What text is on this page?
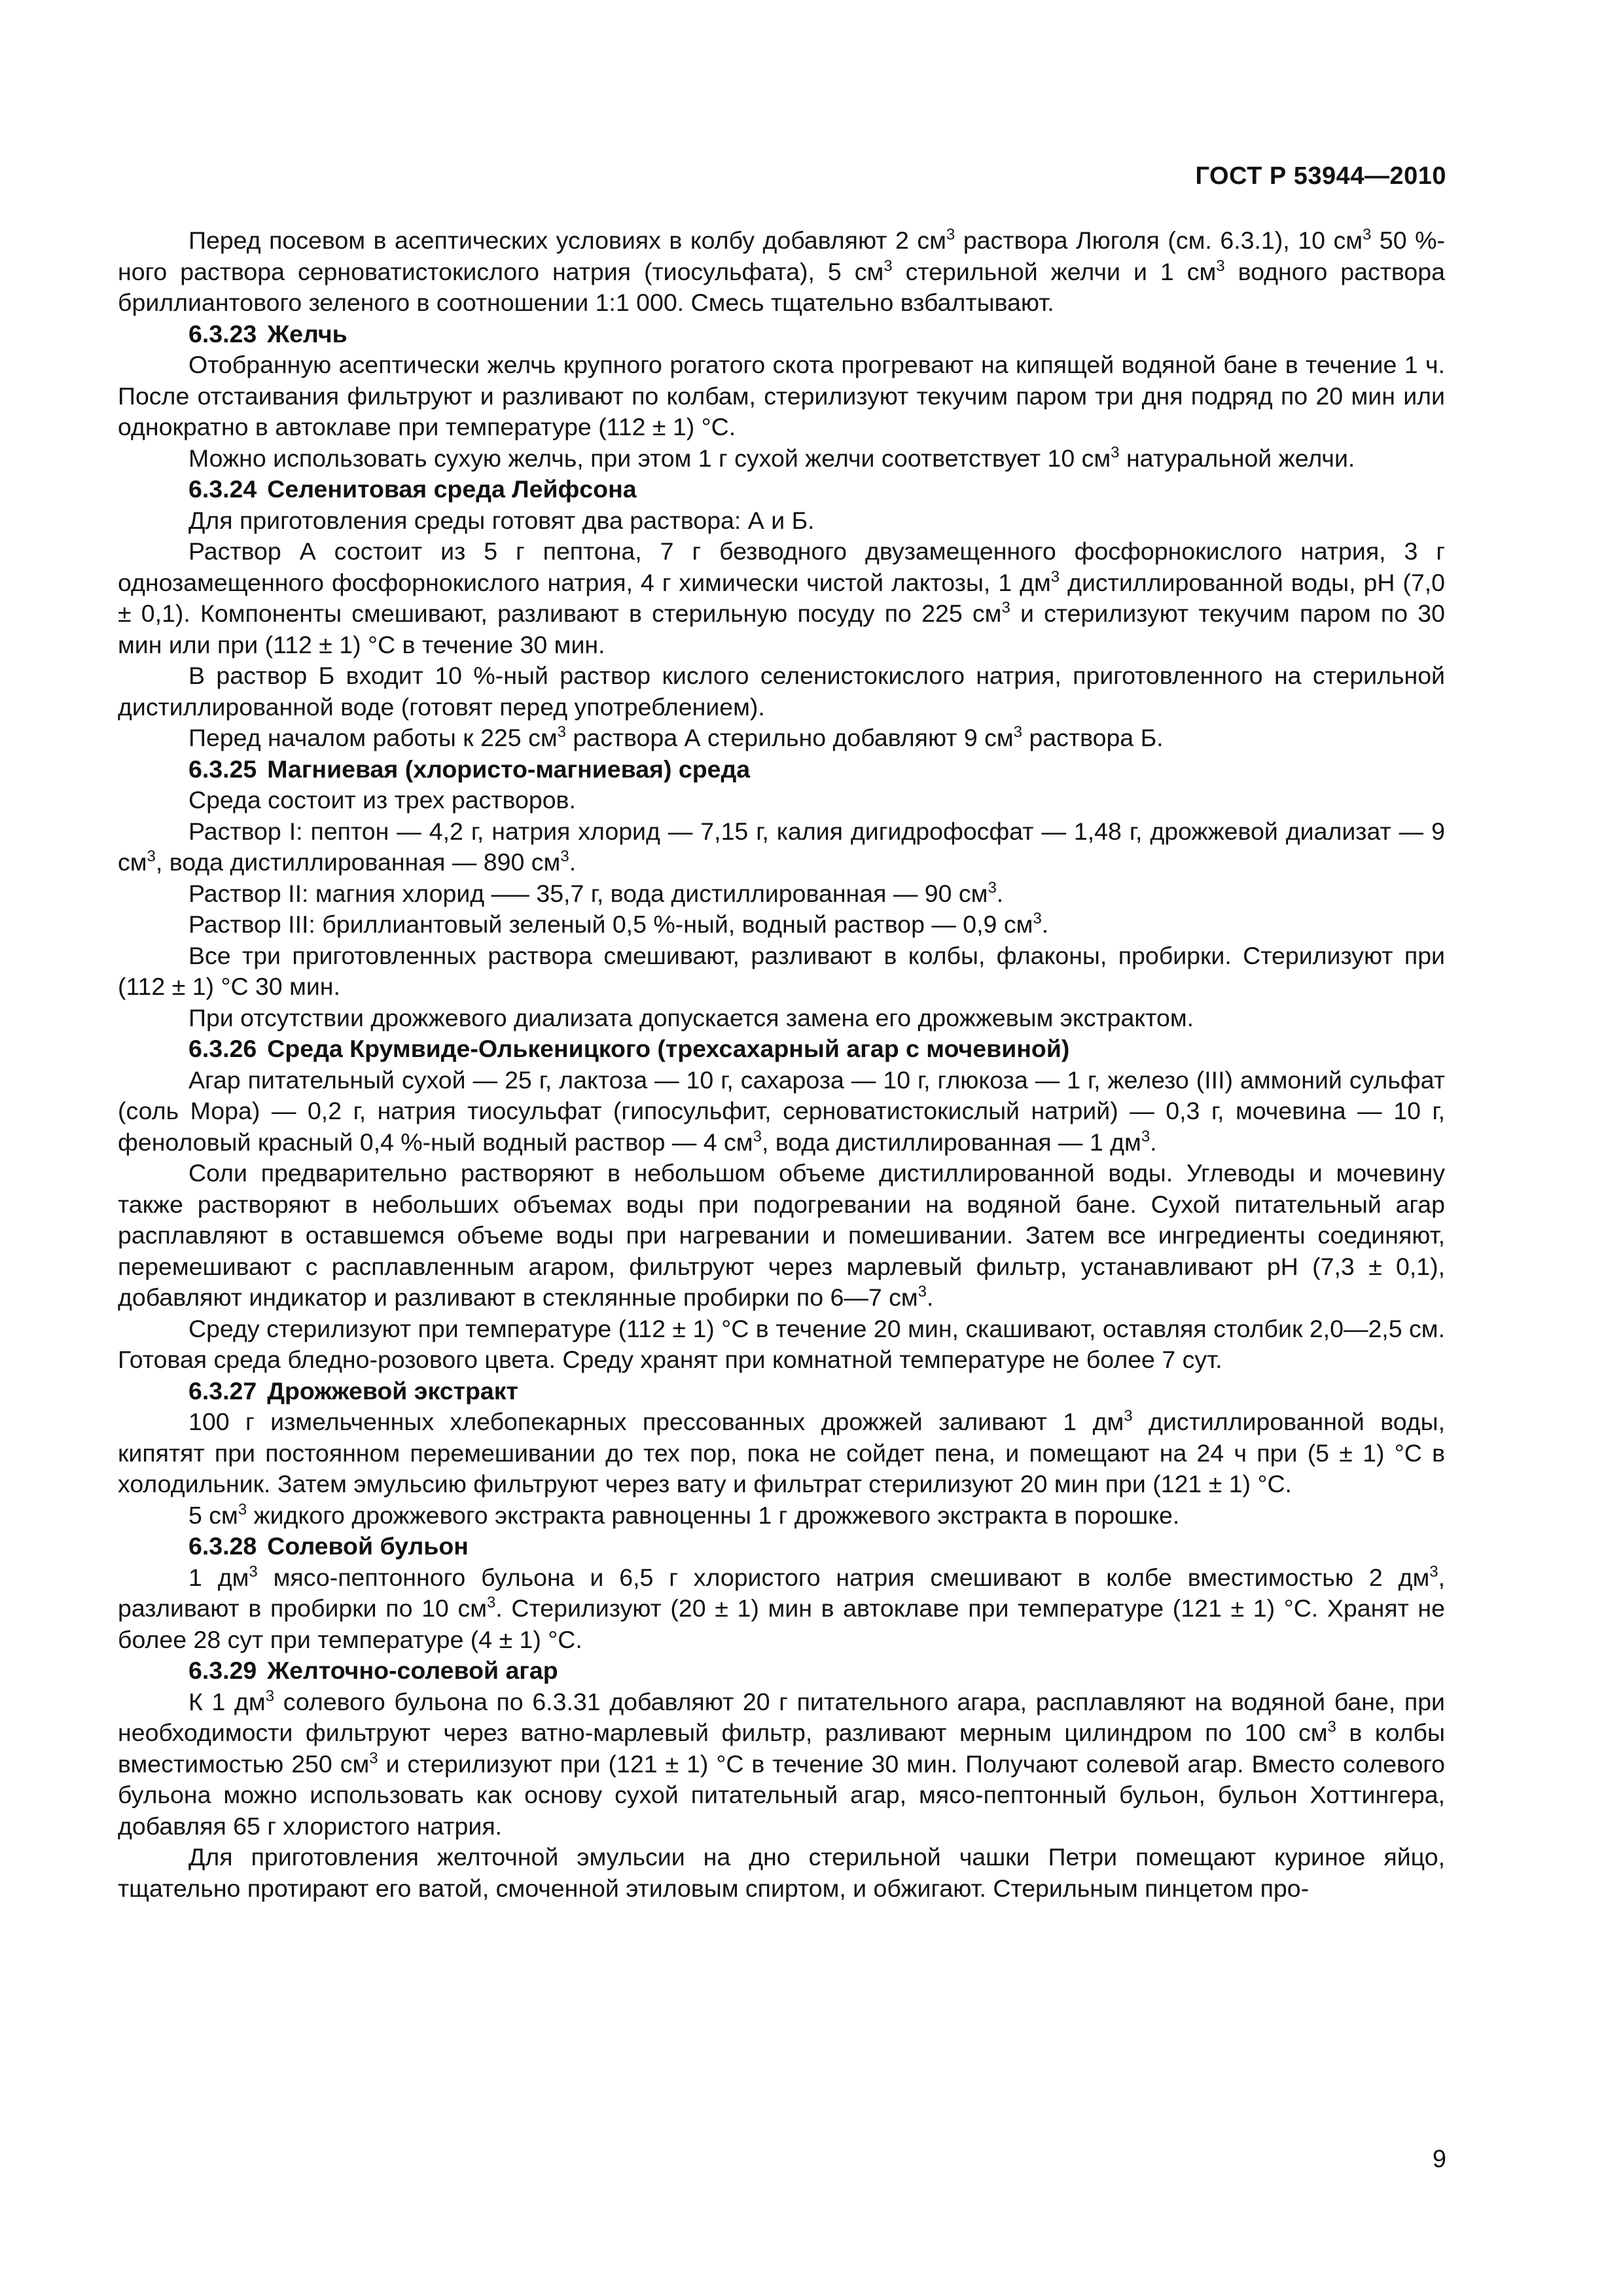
ГОСТ Р 53944—2010

Перед посевом в асептических условиях в колбу добавляют 2 $см^3$ раствора Люголя (см. 6.3.1), 10 $см^3$ 50 %-ного раствора серноватистокислого натрия (тиосульфата), 5 $см^3$ стерильной желчи и 1 $см^3$ водного раствора бриллиантового зеленого в соотношении 1:1 000. Смесь тщательно взбалтывают.

6.3.23 Желчь

Отобранную асептически желчь крупного рогатого скота прогревают на кипящей водяной бане в течение 1 ч. После отстаивания фильтруют и разливают по колбам, стерилизуют текучим паром три дня подряд по 20 мин или однократно в автоклаве при температуре (112 ± 1) °С.

Можно использовать сухую желчь, при этом 1 г сухой желчи соответствует 10 $см^3$ натуральной желчи.

6.3.24 Селенитовая среда Лейфсона

Для приготовления среды готовят два раствора: А и Б.

Раствор А состоит из 5 г пептона, 7 г безводного двузамещенного фосфорнокислого натрия, 3 г однозамещенного фосфорнокислого натрия, 4 г химически чистой лактозы, 1 $дм^3$ дистиллированной воды, pH (7,0 ± 0,1). Компоненты смешивают, разливают в стерильную посуду по 225 $см^3$ и стерилизуют текучим паром по 30 мин или при (112 ± 1) °С в течение 30 мин.

В раствор Б входит 10 %-ный раствор кислого селенистокислого натрия, приготовленного на стерильной дистиллированной воде (готовят перед употреблением).

Перед началом работы к 225 $см^3$ раствора А стерильно добавляют 9 $см^3$ раствора Б.

6.3.25 Магниевая (хлористо-магниевая) среда

Среда состоит из трех растворов.

Раствор I: пептон — 4,2 г, натрия хлорид — 7,15 г, калия дигидрофосфат — 1,48 г, дрожжевой диализат — 9 $см^3$, вода дистиллированная — 890 $см^3$.

Раствор II: магния хлорид —– 35,7 г, вода дистиллированная — 90 $см^3$.

Раствор III: бриллиантовый зеленый 0,5 %-ный, водный раствор — 0,9 $см^3$.

Все три приготовленных раствора смешивают, разливают в колбы, флаконы, пробирки. Стерилизуют при (112 ± 1) °С 30 мин.

При отсутствии дрожжевого диализата допускается замена его дрожжевым экстрактом.

6.3.26 Среда Крумвиде-Олькеницкого (трехсахарный агар с мочевиной)

Агар питательный сухой — 25 г, лактоза — 10 г, сахароза — 10 г, глюкоза — 1 г, железо (III) аммоний сульфат (соль Мора) — 0,2 г, натрия тиосульфат (гипосульфит, серноватистокислый натрий) — 0,3 г, мочевина — 10 г, феноловый красный 0,4 %-ный водный раствор — 4 $см^3$, вода дистиллированная — 1 $дм^3$.

Соли предварительно растворяют в небольшом объеме дистиллированной воды. Углеводы и мочевину также растворяют в небольших объемах воды при подогревании на водяной бане. Сухой питательный агар расплавляют в оставшемся объеме воды при нагревании и помешивании. Затем все ингредиенты соединяют, перемешивают с расплавленным агаром, фильтруют через марлевый фильтр, устанавливают pH (7,3 ± 0,1), добавляют индикатор и разливают в стеклянные пробирки по 6—7 $см^3$.

Среду стерилизуют при температуре (112 ± 1) °С в течение 20 мин, скашивают, оставляя столбик 2,0—2,5 см. Готовая среда бледно-розового цвета. Среду хранят при комнатной температуре не более 7 сут.

6.3.27 Дрожжевой экстракт

100 г измельченных хлебопекарных прессованных дрожжей заливают 1 $дм^3$ дистиллированной воды, кипятят при постоянном перемешивании до тех пор, пока не сойдет пена, и помещают на 24 ч при (5 ± 1) °С в холодильник. Затем эмульсию фильтруют через вату и фильтрат стерилизуют 20 мин при (121 ± 1) °С.

5 $см^3$ жидкого дрожжевого экстракта равноценны 1 г дрожжевого экстракта в порошке.

6.3.28 Солевой бульон

1 $дм^3$ мясо-пептонного бульона и 6,5 г хлористого натрия смешивают в колбе вместимостью 2 $дм^3$, разливают в пробирки по 10 $см^3$. Стерилизуют (20 ± 1) мин в автоклаве при температуре (121 ± 1) °С. Хранят не более 28 сут при температуре (4 ± 1) °С.

6.3.29 Желточно-солевой агар

К 1 $дм^3$ солевого бульона по 6.3.31 добавляют 20 г питательного агара, расплавляют на водяной бане, при необходимости фильтруют через ватно-марлевый фильтр, разливают мерным цилиндром по 100 $см^3$ в колбы вместимостью 250 $см^3$ и стерилизуют при (121 ± 1) °С в течение 30 мин. Получают солевой агар. Вместо солевого бульона можно использовать как основу сухой питательный агар, мясо-пептонный бульон, бульон Хоттингера, добавляя 65 г хлористого натрия.

Для приготовления желточной эмульсии на дно стерильной чашки Петри помещают куриное яйцо, тщательно протирают его ватой, смоченной этиловым спиртом, и обжигают. Стерильным пинцетом про-

9
